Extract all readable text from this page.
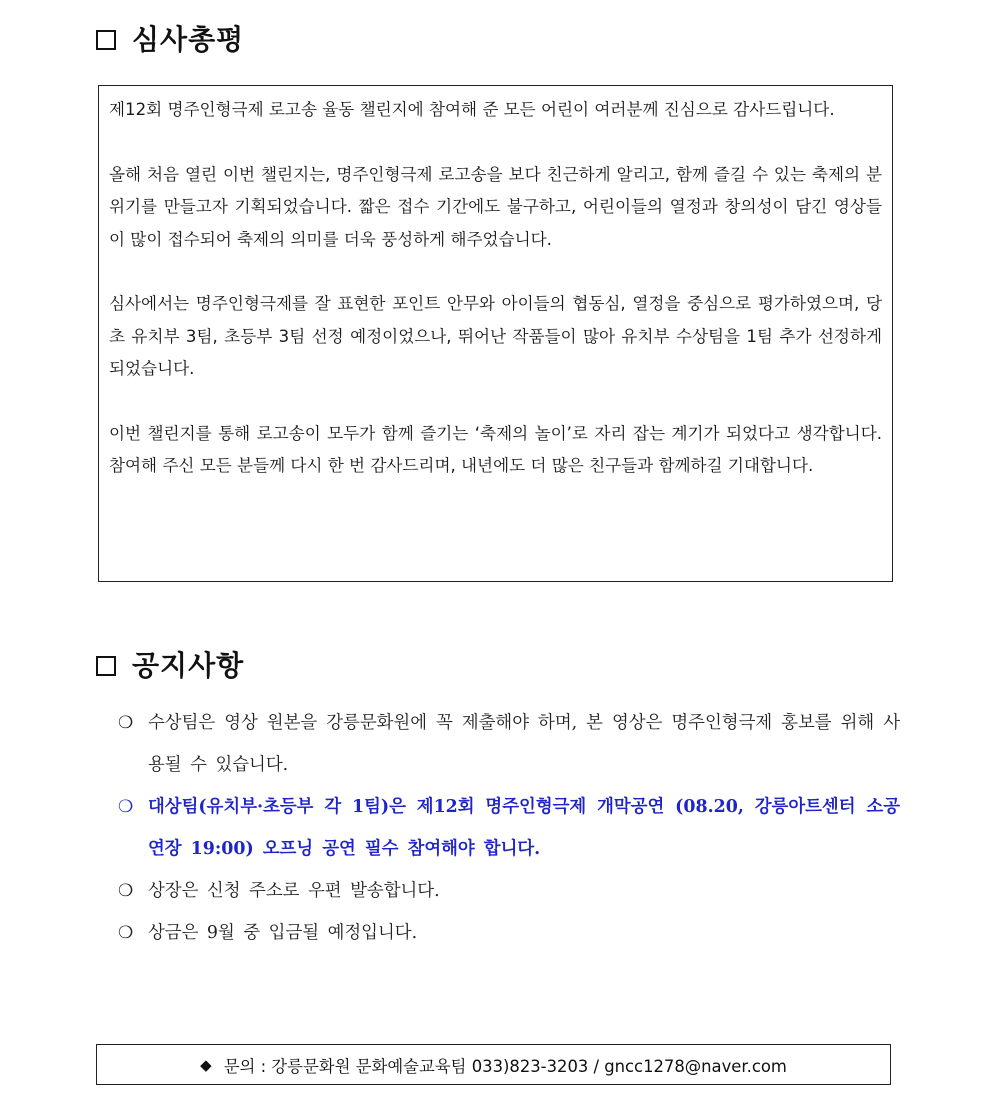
심사총평

제12회 명주인형극제 로고송 율동 챌린지에 참여해 준 모든 어린이 여러분께 진심으로 감사드립니다.

올해 처음 열린 이번 챌린지는, 명주인형극제 로고송을 보다 친근하게 알리고, 함께 즐길 수 있는 축제의 분위기를 만들고자 기획되었습니다. 짧은 접수 기간에도 불구하고, 어린이들의 열정과 창의성이 담긴 영상들이 많이 접수되어 축제의 의미를 더욱 풍성하게 해주었습니다.

심사에서는 명주인형극제를 잘 표현한 포인트 안무와 아이들의 협동심, 열정을 중심으로 평가하였으며, 당초 유치부 3팀, 초등부 3팀 선정 예정이었으나, 뛰어난 작품들이 많아 유치부 수상팀을 1팀 추가 선정하게 되었습니다.

이번 챌린지를 통해 로고송이 모두가 함께 즐기는 ‘축제의 놀이’로 자리 잡는 계기가 되었다고 생각합니다. 참여해 주신 모든 분들께 다시 한 번 감사드리며, 내년에도 더 많은 친구들과 함께하길 기대합니다.

공지사항
❍ 수상팀은 영상 원본을 강릉문화원에 꼭 제출해야 하며, 본 영상은 명주인형극제 홍보를 위해 사용될 수 있습니다.
❍ 대상팀(유치부·초등부 각 1팀)은 제12회 명주인형극제 개막공연 (08.20, 강릉아트센터 소공연장 19:00) 오프닝 공연 필수 참여해야 합니다.
❍ 상장은 신청 주소로 우편 발송합니다.
❍ 상금은 9월 중 입금될 예정입니다.
◆ 문의 : 강릉문화원 문화예술교육팀 033)823-3203 / gncc1278@naver.com
